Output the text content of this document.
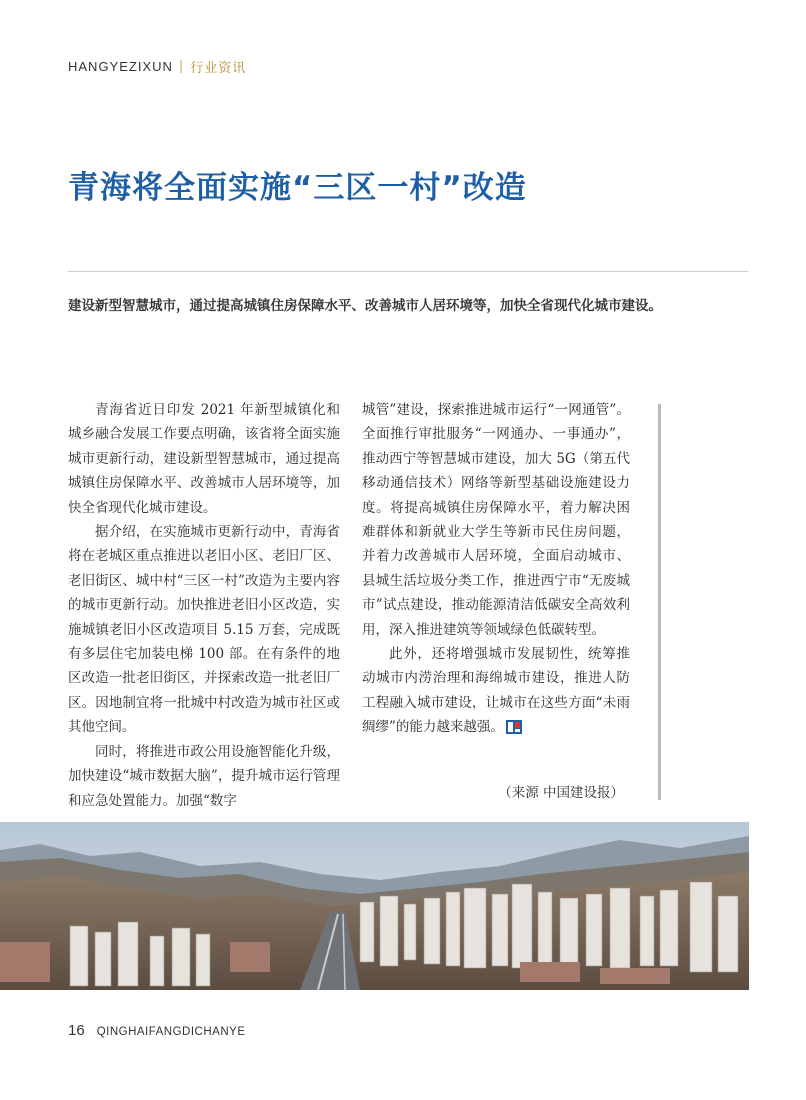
HANGYEZIXUN | 行业资讯
青海将全面实施“三区一村”改造
建设新型智慧城市，通过提高城镇住房保障水平、改善城市人居环境等，加快全省现代化城市建设。

青海省近日印发 2021 年新型城镇化和城乡融合发展工作要点明确，该省将全面实施城市更新行动，建设新型智慧城市，通过提高城镇住房保障水平、改善城市人居环境等，加快全省现代化城市建设。

据介绍，在实施城市更新行动中，青海省将在老城区重点推进以老旧小区、老旧厂区、老旧街区、城中村“三区一村”改造为主要内容的城市更新行动。加快推进老旧小区改造，实施城镇老旧小区改造项目 5.15 万套，完成既有多层住宅加装电梯 100 部。在有条件的地区改造一批老旧街区，并探索改造一批老旧厂区。因地制宜将一批城中村改造为城市社区或其他空间。

同时，将推进市政公用设施智能化升级，加快建设“城市数据大脑”，提升城市运行管理和应急处置能力。加强“数字

城管”建设，探索推进城市运行“一网通管”。全面推行审批服务“一网通办、一事通办”，推动西宁等智慧城市建设，加大 5G（第五代移动通信技术）网络等新型基础设施建设力度。将提高城镇住房保障水平，着力解决困难群体和新就业大学生等新市民住房问题，并着力改善城市人居环境，全面启动城市、县城生活垃圾分类工作，推进西宁市“无废城市”试点建设，推动能源清洁低碳安全高效利用，深入推进建筑等领域绿色低碳转型。

此外，还将增强城市发展韧性，统筹推动城市内涝治理和海绵城市建设，推进人防工程融入城市建设，让城市在这些方面“未雨绸缪”的能力越来越强。

（来源 中国建设报）
16 QINGHAIFANGDICHANYE
